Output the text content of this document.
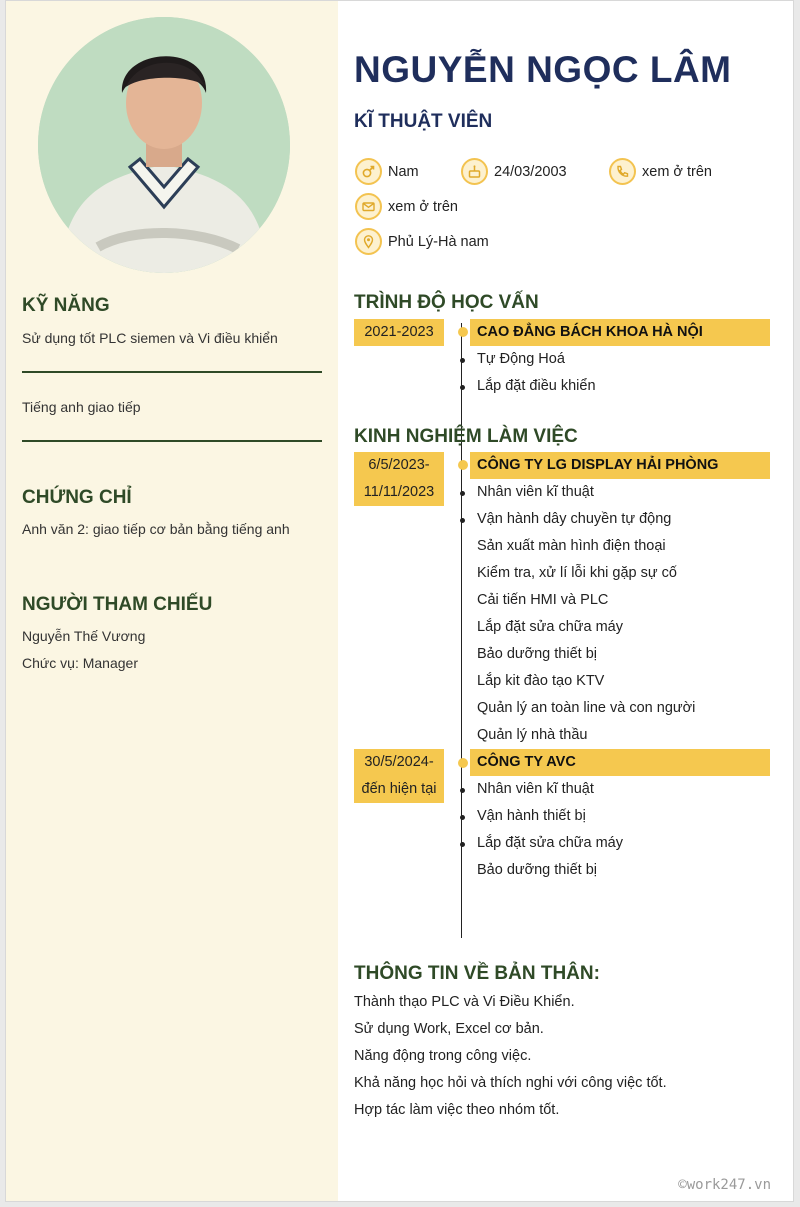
KỸ NĂNG
Sử dụng tốt PLC siemen và Vi điều khiển
Tiếng anh giao tiếp
CHỨNG CHỈ
Anh văn 2: giao tiếp cơ bản bằng tiếng anh
NGƯỜI THAM CHIẾU
Nguyễn Thế Vương
Chức vụ: Manager
NGUYỄN NGỌC LÂM
KĨ THUẬT VIÊN
Nam	24/03/2003	xem ở trên
xem ở trên
Phủ Lý-Hà nam
TRÌNH ĐỘ HỌC VẤN
2021-2023	CAO ĐẲNG BÁCH KHOA HÀ NỘI
Tự Động Hoá
Lắp đặt điều khiển
KINH NGHIỆM LÀM VIỆC
6/5/2023-
11/11/2023
CÔNG TY LG DISPLAY HẢI PHÒNG
Nhân viên kĩ thuật
Vận hành dây chuyền tự động
Sản xuất màn hình điện thoại
Kiểm tra, xử lí lỗi khi gặp sự cố
Cải tiến HMI và PLC
Lắp đặt sửa chữa máy
Bảo dưỡng thiết bị
Lắp kit đào tạo KTV
Quản lý an toàn line và con người
Quản lý nhà thầu
30/5/2024-
đến hiện tại
CÔNG TY AVC
Nhân viên kĩ thuật
Vận hành thiết bị
Lắp đặt sửa chữa máy
Bảo dưỡng thiết bị
THÔNG TIN VỀ BẢN THÂN:
Thành thạo PLC và Vi Điều Khiển.
Sử dụng Work, Excel cơ bản.
Năng động trong công việc.
Khả năng học hỏi và thích nghi với công việc tốt.
Hợp tác làm việc theo nhóm tốt.
©work247.vn
